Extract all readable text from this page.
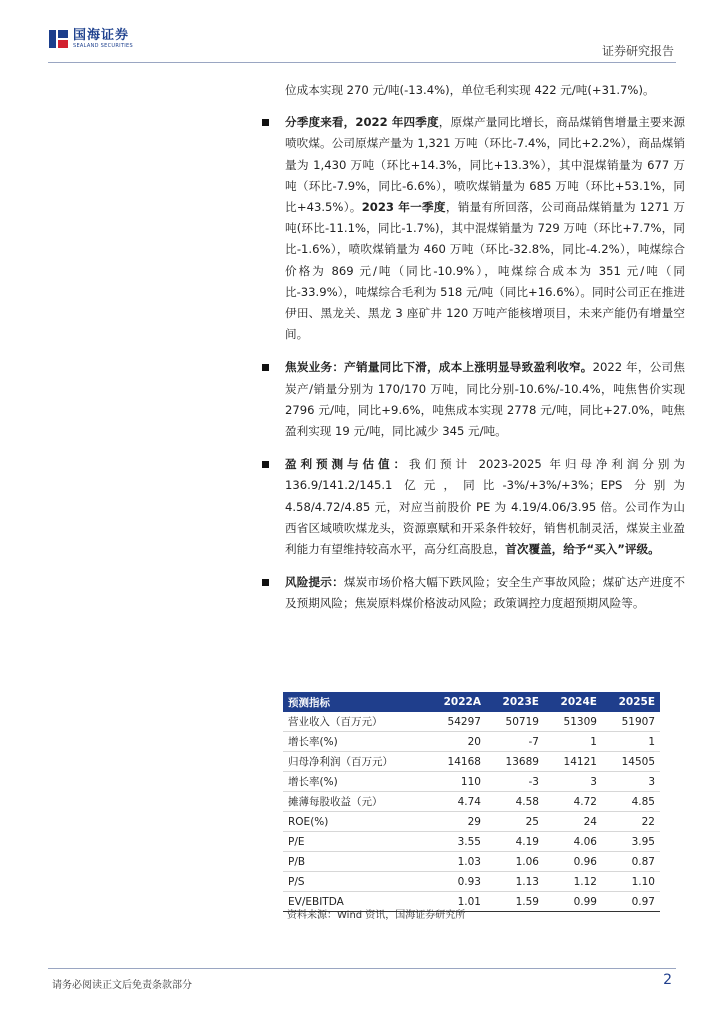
国海证券
SEALAND SECURITIES	证券研究报告
位成本实现 270 元/吨(-13.4%)，单位毛利实现 422 元/吨(+31.7%)。
分季度来看，2022 年四季度，原煤产量同比增长，商品煤销售增量主要来源喷吹煤。公司原煤产量为 1,321 万吨（环比-7.4%，同比+2.2%），商品煤销量为 1,430 万吨（环比+14.3%，同比+13.3%），其中混煤销量为 677 万吨（环比-7.9%，同比-6.6%），喷吹煤销量为 685 万吨（环比+53.1%，同比+43.5%）。2023 年一季度，销量有所回落，公司商品煤销量为 1271 万吨(环比-11.1%，同比-1.7%)，其中混煤销量为 729 万吨（环比+7.7%，同比-1.6%），喷吹煤销量为 460 万吨（环比-32.8%，同比-4.2%），吨煤综合价格为 869 元/吨（同比-10.9%），吨煤综合成本为 351 元/吨（同比-33.9%），吨煤综合毛利为 518 元/吨（同比+16.6%）。同时公司正在推进伊田、黑龙关、黑龙 3 座矿井 120 万吨产能核增项目，未来产能仍有增量空间。
焦炭业务：产销量同比下滑，成本上涨明显导致盈利收窄。2022 年，公司焦炭产/销量分别为 170/170 万吨，同比分别-10.6%/-10.4%，吨焦售价实现 2796 元/吨，同比+9.6%，吨焦成本实现 2778 元/吨，同比+27.0%，吨焦盈利实现 19 元/吨，同比减少 345 元/吨。
盈利预测与估值：我们预计 2023-2025 年归母净利润分别为 136.9/141.2/145.1 亿元，同比-3%/+3%/+3%；EPS 分别为 4.58/4.72/4.85 元，对应当前股价 PE 为 4.19/4.06/3.95 倍。公司作为山西省区域喷吹煤龙头，资源禀赋和开采条件较好，销售机制灵活，煤炭主业盈利能力有望维持较高水平，高分红高股息，首次覆盖，给予“买入”评级。
风险提示：煤炭市场价格大幅下跌风险；安全生产事故风险；煤矿达产进度不及预期风险；焦炭原料煤价格波动风险；政策调控力度超预期风险等。
预测指标	2022A	2023E	2024E	2025E
营业收入（百万元）	54297	50719	51309	51907
增长率(%)	20	-7	1	1
归母净利润（百万元）	14168	13689	14121	14505
增长率(%)	110	-3	3	3
摊薄每股收益（元）	4.74	4.58	4.72	4.85
ROE(%)	29	25	24	22
P/E	3.55	4.19	4.06	3.95
P/B	1.03	1.06	0.96	0.87
P/S	0.93	1.13	1.12	1.10
EV/EBITDA	1.01	1.59	0.99	0.97
资料来源：Wind 资讯，国海证券研究所
请务必阅读正文后免责条款部分	2
